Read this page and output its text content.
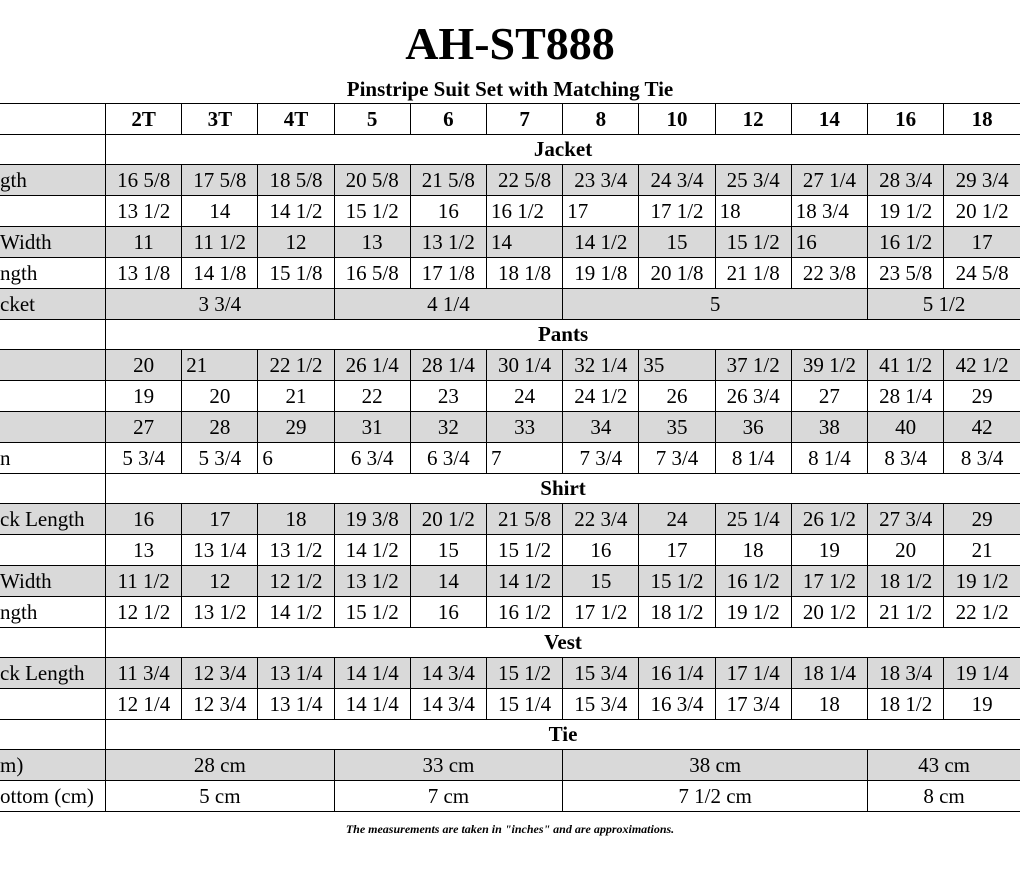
AH-ST888
Pinstripe Suit Set with Matching Tie
	2T	3T	4T	5	6	7	8	10	12	14	16	18
	Jacket											
gth	16 5/8	17 5/8	18 5/8	20 5/8	21 5/8	22 5/8	23 3/4	24 3/4	25 3/4	27 1/4	28 3/4	29 3/4
	13 1/2	14	14 1/2	15 1/2	16	16 1/2	17	17 1/2	18	18 3/4	19 1/2	20 1/2
Width	11	11 1/2	12	13	13 1/2	14	14 1/2	15	15 1/2	16	16 1/2	17
ngth	13 1/8	14 1/8	15 1/8	16 5/8	17 1/8	18 1/8	19 1/8	20 1/8	21 1/8	22 3/8	23 5/8	24 5/8
cket	3 3/4			4 1/4			5				5 1/2	
	Pants											
	20	21	22 1/2	26 1/4	28 1/4	30 1/4	32 1/4	35	37 1/2	39 1/2	41 1/2	42 1/2
	19	20	21	22	23	24	24 1/2	26	26 3/4	27	28 1/4	29
	27	28	29	31	32	33	34	35	36	38	40	42
n	5 3/4	5 3/4	6	6 3/4	6 3/4	7	7 3/4	7 3/4	8 1/4	8 1/4	8 3/4	8 3/4
	Shirt											
ck Length	16	17	18	19 3/8	20 1/2	21 5/8	22 3/4	24	25 1/4	26 1/2	27 3/4	29
	13	13 1/4	13 1/2	14 1/2	15	15 1/2	16	17	18	19	20	21
Width	11 1/2	12	12 1/2	13 1/2	14	14 1/2	15	15 1/2	16 1/2	17 1/2	18 1/2	19 1/2
ngth	12 1/2	13 1/2	14 1/2	15 1/2	16	16 1/2	17 1/2	18 1/2	19 1/2	20 1/2	21 1/2	22 1/2
	Vest											
ck Length	11 3/4	12 3/4	13 1/4	14 1/4	14 3/4	15 1/2	15 3/4	16 1/4	17 1/4	18 1/4	18 3/4	19 1/4
	12 1/4	12 3/4	13 1/4	14 1/4	14 3/4	15 1/4	15 3/4	16 3/4	17 3/4	18	18 1/2	19
	Tie											
m)	28 cm			33 cm			38 cm				43 cm	
ottom (cm)	5 cm			7 cm			7 1/2 cm				8 cm	
The measurements are taken in "inches" and are approximations.
